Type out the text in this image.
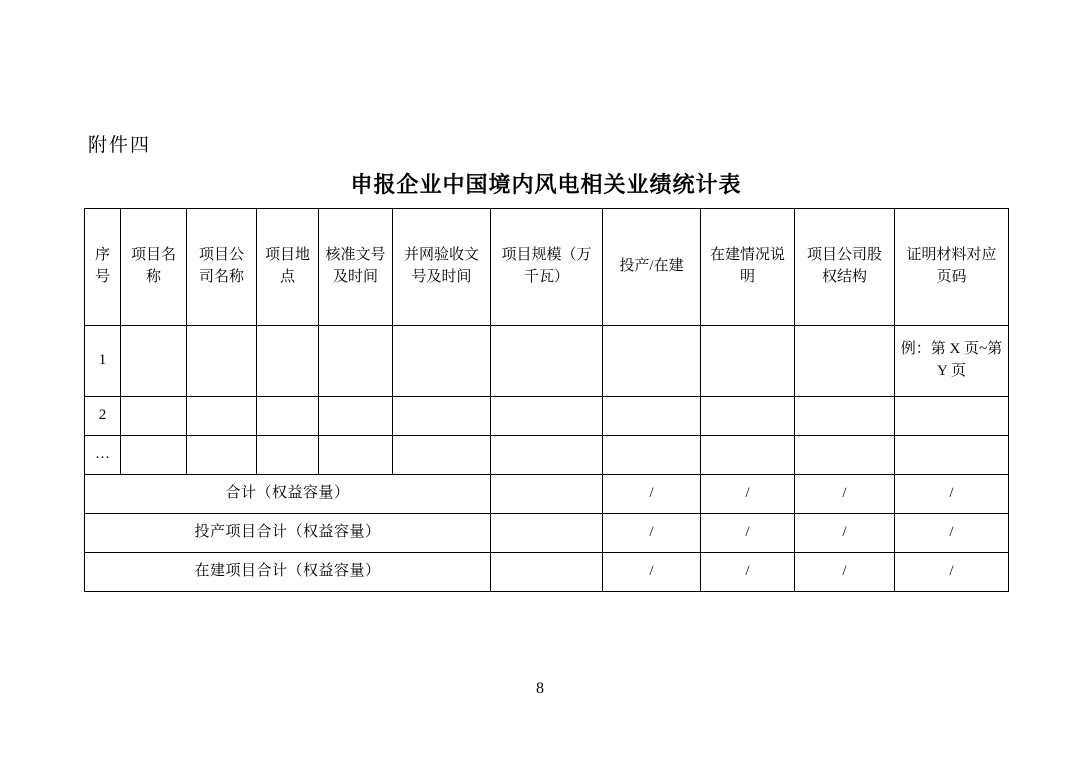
附件四
申报企业中国境内风电相关业绩统计表
序号	项目名称	项目公司名称	项目地点	核准文号及时间	并网验收文号及时间	项目规模（万千瓦）	投产/在建	在建情况说明	项目公司股权结构	证明材料对应页码
1										例：第 X 页~第 Y 页
2										
…										
合计（权益容量）							/	/	/	/
投产项目合计（权益容量）							/	/	/	/
在建项目合计（权益容量）							/	/	/	/
8
